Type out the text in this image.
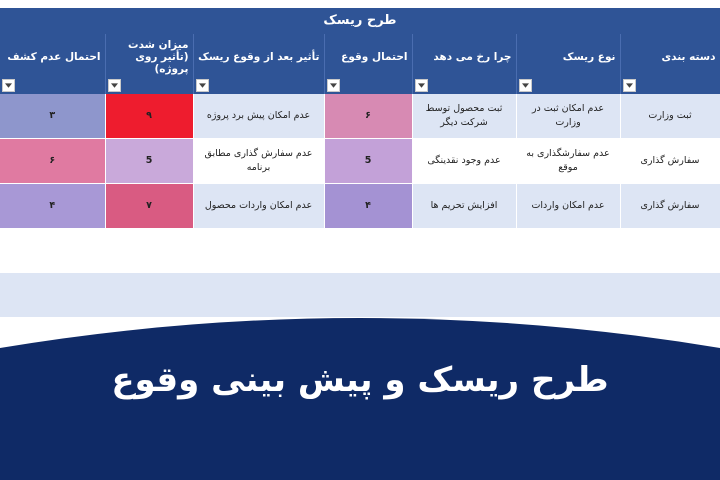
طرح ریسک
احتمال عدم کشف	میزان شدت (تأثیر روی پروژه)	تأثیر بعد از وقوع ریسک	احتمال وقوع	چرا رخ می دهد	نوع ریسک	دسته بندی

۳	۹	عدم امکان پیش برد پروژه	۶	ثبت محصول توسط شرکت دیگر	عدم امکان ثبت در وزارت	ثبت وزارت
۶	5	عدم سفارش گذاری مطابق برنامه	5	عدم وجود نقدینگی	عدم سفارشگذاری به موقع	سفارش گذاری
۴	۷	عدم امکان واردات محصول	۴	افزایش تحریم ها	عدم امکان واردات	سفارش گذاری
طرح ریسک و پیش بینی وقوع
